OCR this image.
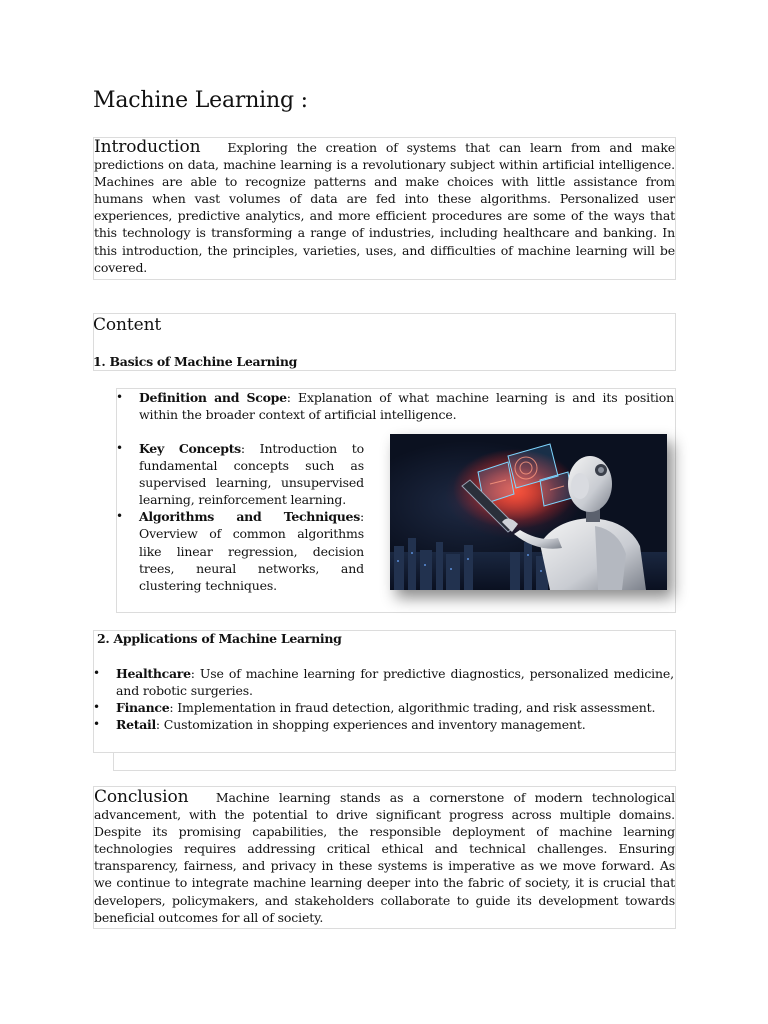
Machine Learning :

Introduction Exploring the creation of systems that can learn from and make predictions on data, machine learning is a revolutionary subject within artificial intelligence. Machines are able to recognize patterns and make choices with little assistance from humans when vast volumes of data are fed into these algorithms. Personalized user experiences, predictive analytics, and more efficient procedures are some of the ways that this technology is transforming a range of industries, including healthcare and banking. In this introduction, the principles, varieties, uses, and difficulties of machine learning will be covered.

Content
1. Basics of Machine Learning
• Definition and Scope: Explanation of what machine learning is and its position within the broader context of artificial intelligence.
• Key Concepts: Introduction to fundamental concepts such as supervised learning, unsupervised learning, reinforcement learning.
• Algorithms and Techniques: Overview of common algorithms like linear regression, decision trees, neural networks, and clustering techniques.
2. Applications of Machine Learning
• Healthcare: Use of machine learning for predictive diagnostics, personalized medicine, and robotic surgeries.
• Finance: Implementation in fraud detection, algorithmic trading, and risk assessment.
• Retail: Customization in shopping experiences and inventory management.

Conclusion Machine learning stands as a cornerstone of modern technological advancement, with the potential to drive significant progress across multiple domains. Despite its promising capabilities, the responsible deployment of machine learning technologies requires addressing critical ethical and technical challenges. Ensuring transparency, fairness, and privacy in these systems is imperative as we move forward. As we continue to integrate machine learning deeper into the fabric of society, it is crucial that developers, policymakers, and stakeholders collaborate to guide its development towards beneficial outcomes for all of society.
